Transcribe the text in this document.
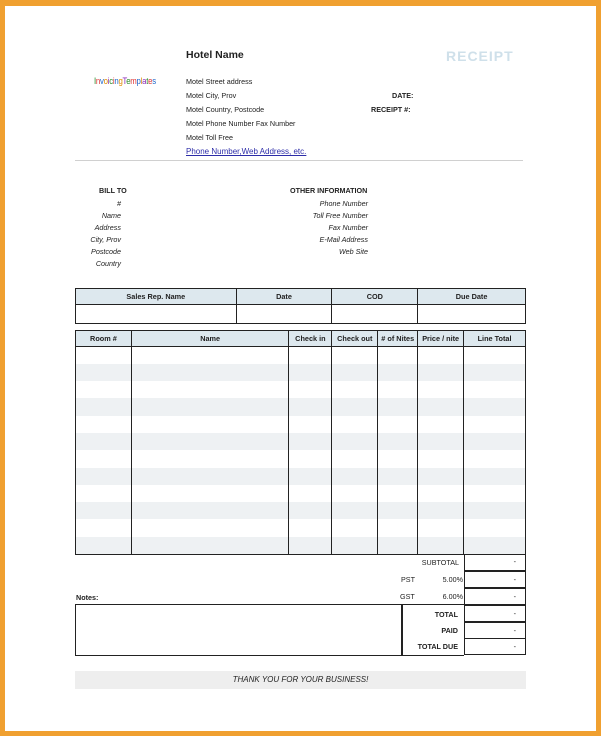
Hotel Name	RECEIPT
InvoicingTemplates	Motel Street address
Motel City, Prov
Motel Country, Postcode
Motel Phone Number Fax Number
Motel Toll Free
DATE:
RECEIPT #:
Phone Number,Web Address, etc.
BILL TO
#
Name
Address
City, Prov
Postcode
Country
OTHER INFORMATION
Phone Number
Toll Free Number
Fax Number
E-Mail Address
Web Site
Sales Rep. Name	Date	COD	Due Date

Room #	Name	Check in	Check out	# of Nites	Price / nite	Line Total

SUBTOTAL	-
PST	5.00%	-
GST	6.00%	-
TOTAL	-
PAID	-
TOTAL DUE	-
Notes:
THANK YOU FOR YOUR BUSINESS!
